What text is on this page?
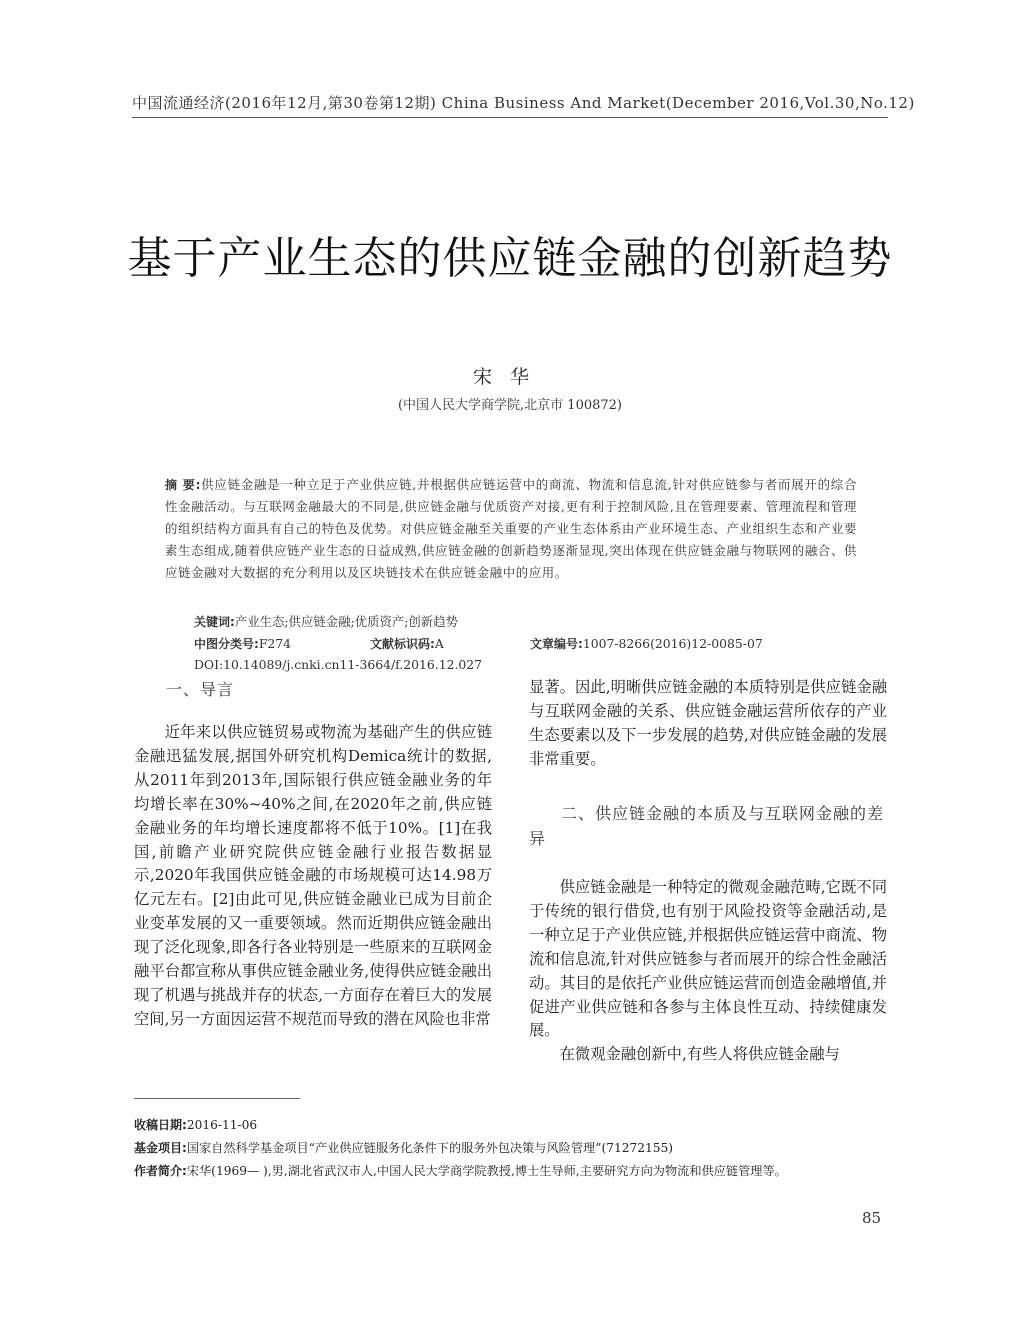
中国流通经济(2016年12月,第30卷第12期) China Business And Market(December 2016,Vol.30,No.12)
基于产业生态的供应链金融的创新趋势
宋华
(中国人民大学商学院,北京市 100872)
摘 要:供应链金融是一种立足于产业供应链,并根据供应链运营中的商流、物流和信息流,针对供应链参与者而展开的综合性金融活动。与互联网金融最大的不同是,供应链金融与优质资产对接,更有利于控制风险,且在管理要素、管理流程和管理的组织结构方面具有自己的特色及优势。对供应链金融至关重要的产业生态体系由产业环境生态、产业组织生态和产业要素生态组成,随着供应链产业生态的日益成熟,供应链金融的创新趋势逐渐显现,突出体现在供应链金融与物联网的融合、供应链金融对大数据的充分利用以及区块链技术在供应链金融中的应用。
关键词:产业生态;供应链金融;优质资产;创新趋势
中图分类号:F274	文献标识码:A	文章编号:1007-8266(2016)12-0085-07
DOI:10.14089/j.cnki.cn11-3664/f.2016.12.027
一、导言

近年来以供应链贸易或物流为基础产生的供应链金融迅猛发展,据国外研究机构Demica统计的数据,从2011年到2013年,国际银行供应链金融业务的年均增长率在30%~40%之间,在2020年之前,供应链金融业务的年均增长速度都将不低于10%。[1]在我国,前瞻产业研究院供应链金融行业报告数据显示,2020年我国供应链金融的市场规模可达14.98万亿元左右。[2]由此可见,供应链金融业已成为目前企业变革发展的又一重要领域。然而近期供应链金融出现了泛化现象,即各行各业特别是一些原来的互联网金融平台都宣称从事供应链金融业务,使得供应链金融出现了机遇与挑战并存的状态,一方面存在着巨大的发展空间,另一方面因运营不规范而导致的潜在风险也非常

显著。因此,明晰供应链金融的本质特别是供应链金融与互联网金融的关系、供应链金融运营所依存的产业生态要素以及下一步发展的趋势,对供应链金融的发展非常重要。

二、供应链金融的本质及与互联网金融的差异

供应链金融是一种特定的微观金融范畴,它既不同于传统的银行借贷,也有别于风险投资等金融活动,是一种立足于产业供应链,并根据供应链运营中商流、物流和信息流,针对供应链参与者而展开的综合性金融活动。其目的是依托产业供应链运营而创造金融增值,并促进产业供应链和各参与主体良性互动、持续健康发展。

在微观金融创新中,有些人将供应链金融与

收稿日期:2016-11-06
基金项目:国家自然科学基金项目“产业供应链服务化条件下的服务外包决策与风险管理”(71272155)
作者简介:宋华(1969— ),男,湖北省武汉市人,中国人民大学商学院教授,博士生导师,主要研究方向为物流和供应链管理等。
85
